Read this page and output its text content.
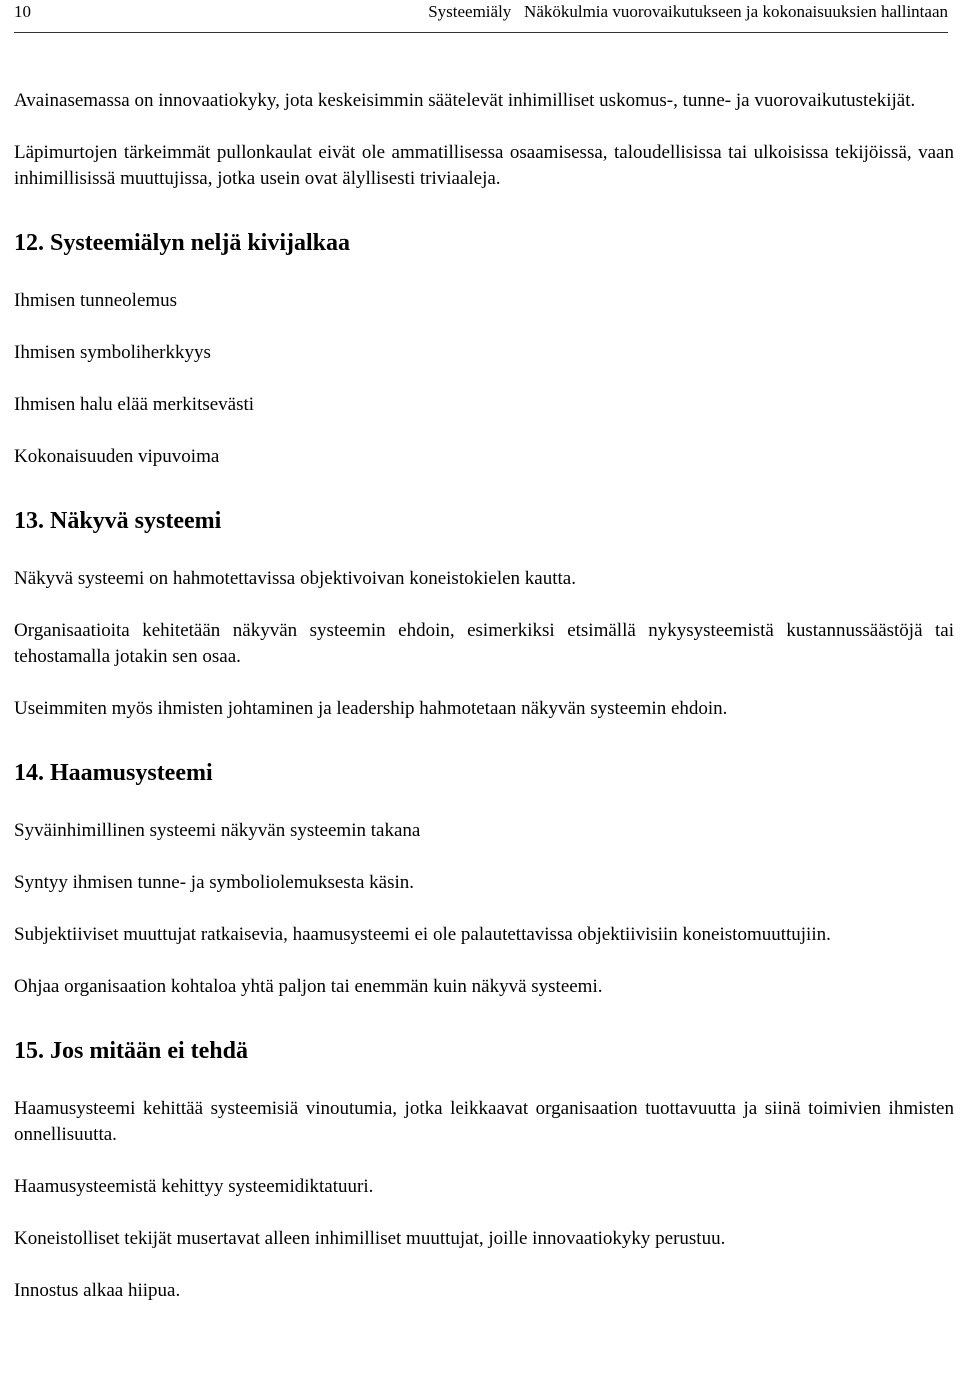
10	Systeemiäly   Näkökulmia vuorovaikutukseen ja kokonaisuuksien hallintaan

Avainasemassa on innovaatiokyky, jota keskeisimmin säätelevät inhimilliset uskomus-, tunne- ja vuorovaikutustekijät.

Läpimurtojen tärkeimmät pullonkaulat eivät ole ammatillisessa osaamisessa, taloudellisissa tai ulkoisissa tekijöissä, vaan inhimillisissä muuttujissa, jotka usein ovat älyllisesti triviaaleja.

12. Systeemiälyn neljä kivijalkaa

Ihmisen tunneolemus

Ihmisen symboliherkkyys

Ihmisen halu elää merkitsevästi

Kokonaisuuden vipuvoima

13. Näkyvä systeemi

Näkyvä systeemi on hahmotettavissa objektivoivan koneistokielen kautta.

Organisaatioita kehitetään näkyvän systeemin ehdoin, esimerkiksi etsimällä nykysysteemistä kustannussäästöjä tai tehostamalla jotakin sen osaa.

Useimmiten myös ihmisten johtaminen ja leadership hahmotetaan näkyvän systeemin ehdoin.

14. Haamusysteemi

Syväinhimillinen systeemi näkyvän systeemin takana

Syntyy ihmisen tunne- ja symboliolemuksesta käsin.

Subjektiiviset muuttujat ratkaisevia, haamusysteemi ei ole palautettavissa objektiivisiin koneistomuuttujiin.

Ohjaa organisaation kohtaloa yhtä paljon tai enemmän kuin näkyvä systeemi.

15. Jos mitään ei tehdä

Haamusysteemi kehittää systeemisiä vinoutumia, jotka leikkaavat organisaation tuottavuutta ja siinä toimivien ihmisten onnellisuutta.

Haamusysteemistä kehittyy systeemidiktatuuri.

Koneistolliset tekijät musertavat alleen inhimilliset muuttujat, joille innovaatiokyky perustuu.

Innostus alkaa hiipua.
